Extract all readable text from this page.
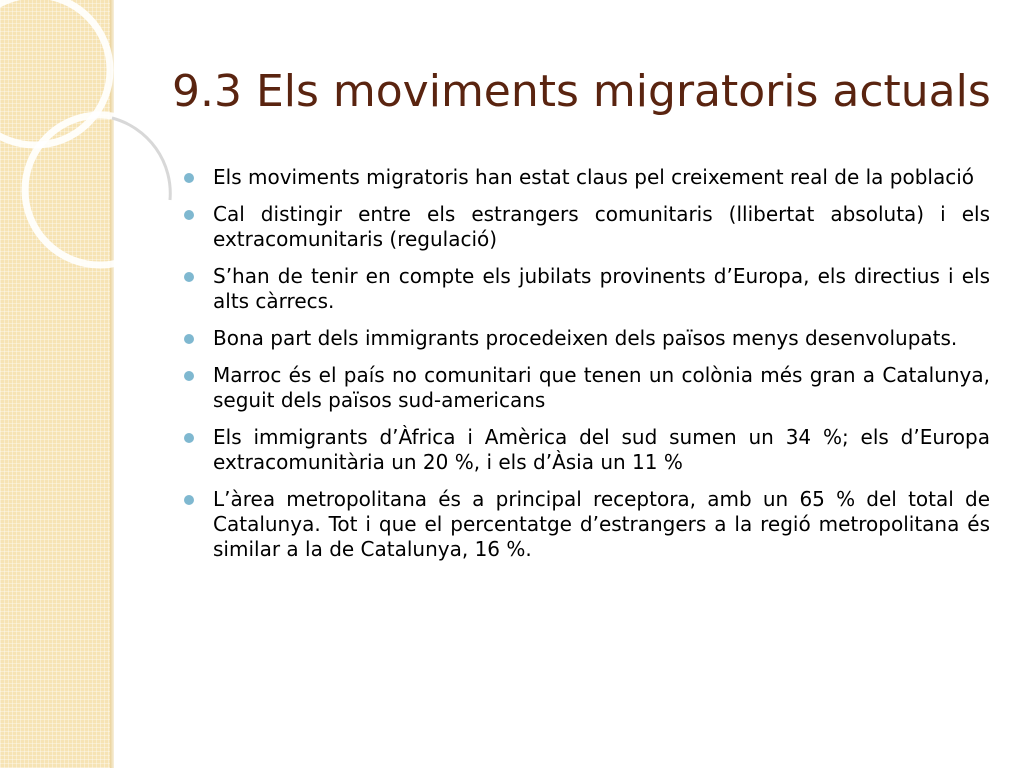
9.3 Els moviments migratoris actuals
Els moviments migratoris han estat claus pel creixement real de la població
Cal distingir entre els estrangers comunitaris (llibertat absoluta) i els extracomunitaris (regulació)
S’han de tenir en compte els jubilats provinents d’Europa, els directius i els alts càrrecs.
Bona part dels immigrants procedeixen dels països menys desenvolupats.
Marroc és el país no comunitari que tenen un colònia més gran a Catalunya, seguit dels països sud-americans
Els immigrants d’Àfrica i Amèrica del sud sumen un 34 %; els d’Europa extracomunitària un 20 %, i els d’Àsia un 11 %
L’àrea metropolitana és a principal receptora, amb un 65 % del total de Catalunya. Tot i que el percentatge d’estrangers a la regió metropolitana és similar a la de Catalunya, 16 %.
